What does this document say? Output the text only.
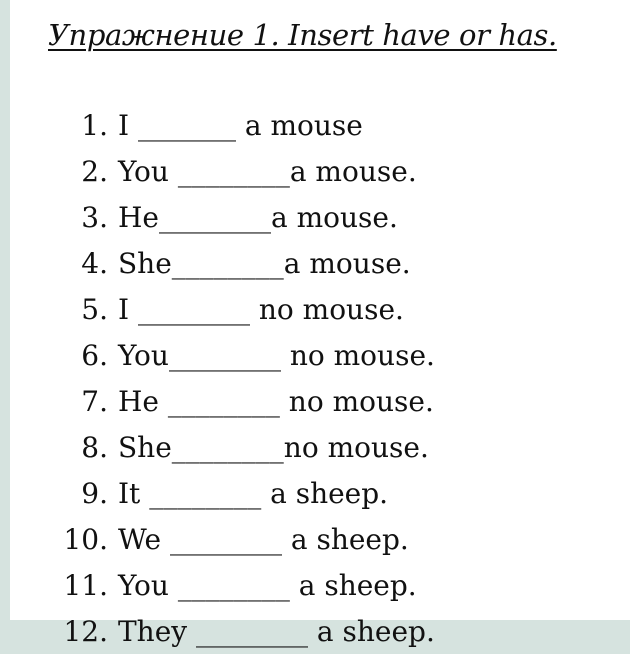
Упражнение 1. Insert have or has.
1. I _______ a mouse
2. You ________a mouse.
3. He________a mouse.
4. She________a mouse.
5. I ________ no mouse.
6. You________ no mouse.
7. He ________ no mouse.
8. She________no mouse.
9. It ________ a sheep.
10. We ________ a sheep.
11. You ________ a sheep.
12. They ________ a sheep.
